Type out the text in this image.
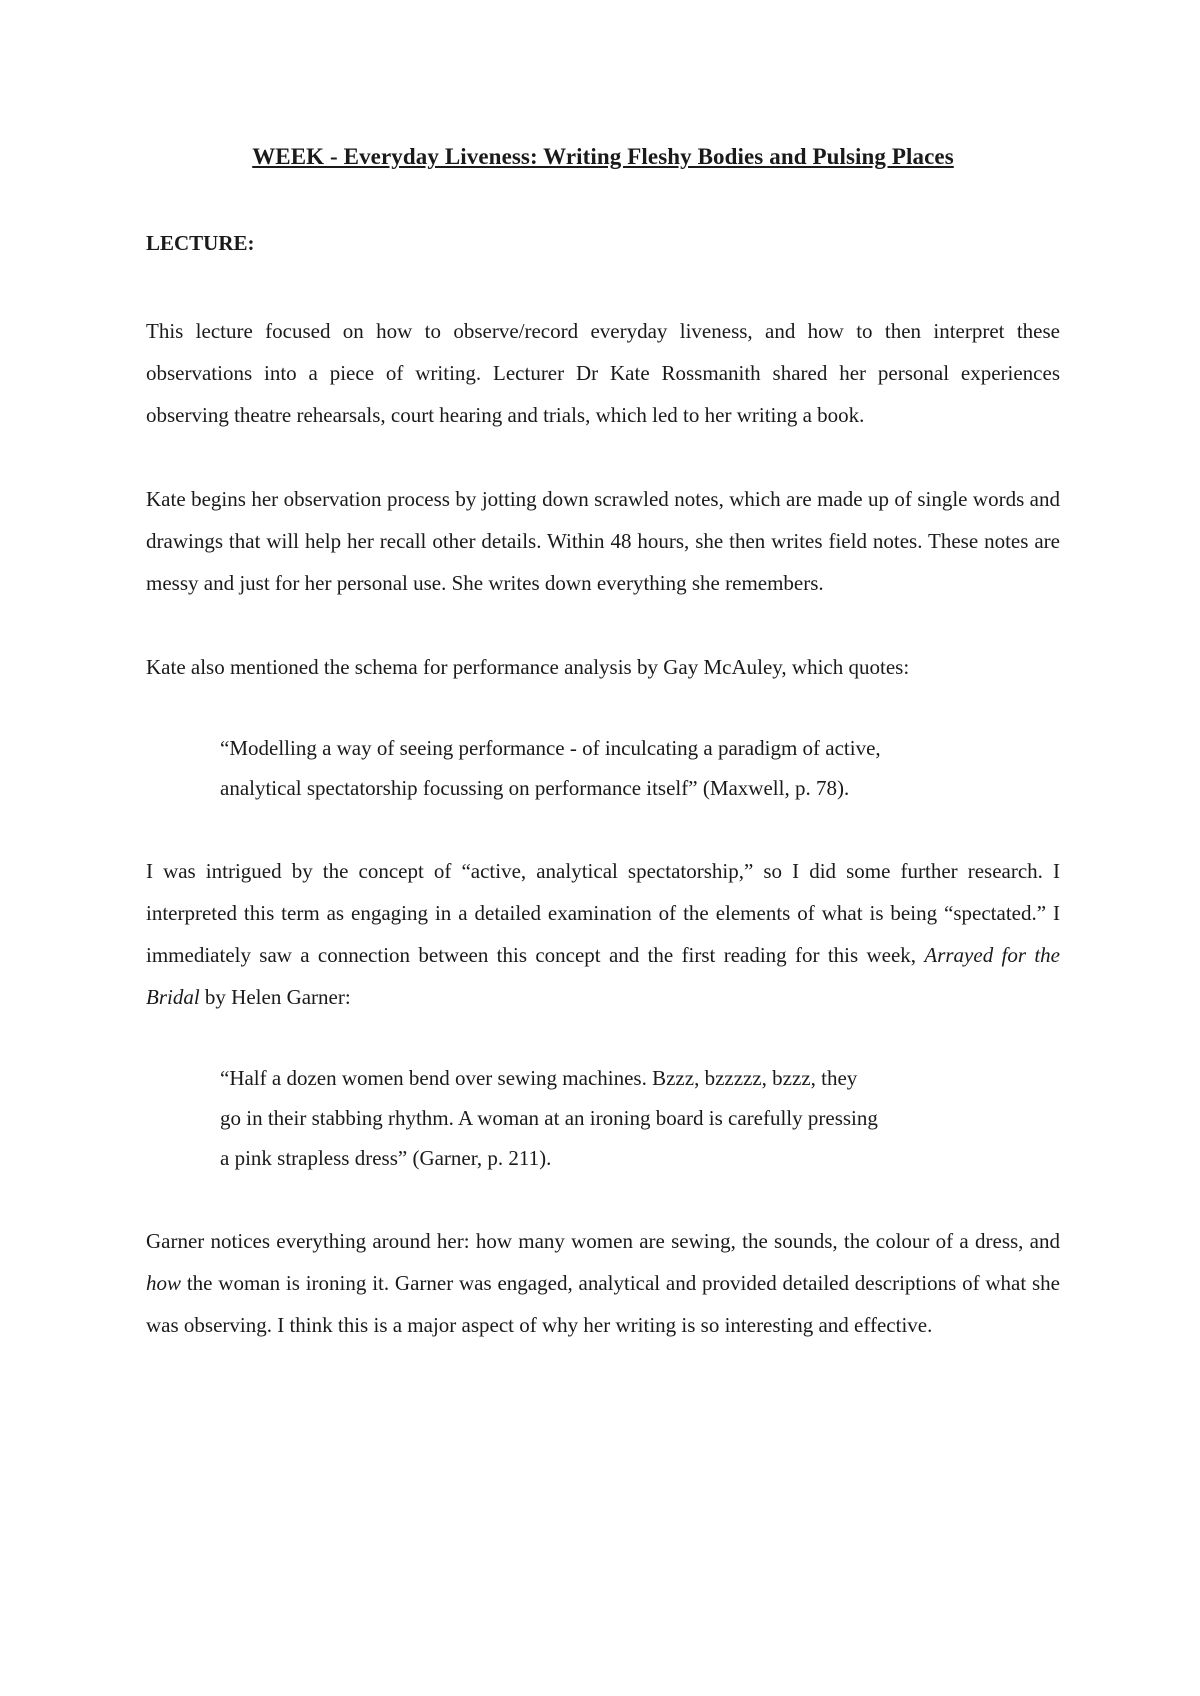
WEEK - Everyday Liveness: Writing Fleshy Bodies and Pulsing Places
LECTURE:

This lecture focused on how to observe/record everyday liveness, and how to then interpret these observations into a piece of writing. Lecturer Dr Kate Rossmanith shared her personal experiences observing theatre rehearsals, court hearing and trials, which led to her writing a book.

Kate begins her observation process by jotting down scrawled notes, which are made up of single words and drawings that will help her recall other details. Within 48 hours, she then writes field notes. These notes are messy and just for her personal use. She writes down everything she remembers.

Kate also mentioned the schema for performance analysis by Gay McAuley, which quotes:

“Modelling a way of seeing performance - of inculcating a paradigm of active,
analytical spectatorship focussing on performance itself” (Maxwell, p. 78).

I was intrigued by the concept of “active, analytical spectatorship,” so I did some further research. I interpreted this term as engaging in a detailed examination of the elements of what is being “spectated.” I immediately saw a connection between this concept and the first reading for this week, Arrayed for the Bridal by Helen Garner:

“Half a dozen women bend over sewing machines. Bzzz, bzzzzz, bzzz, they
go in their stabbing rhythm. A woman at an ironing board is carefully pressing
a pink strapless dress” (Garner, p. 211).

Garner notices everything around her: how many women are sewing, the sounds, the colour of a dress, and how the woman is ironing it. Garner was engaged, analytical and provided detailed descriptions of what she was observing. I think this is a major aspect of why her writing is so interesting and effective.
